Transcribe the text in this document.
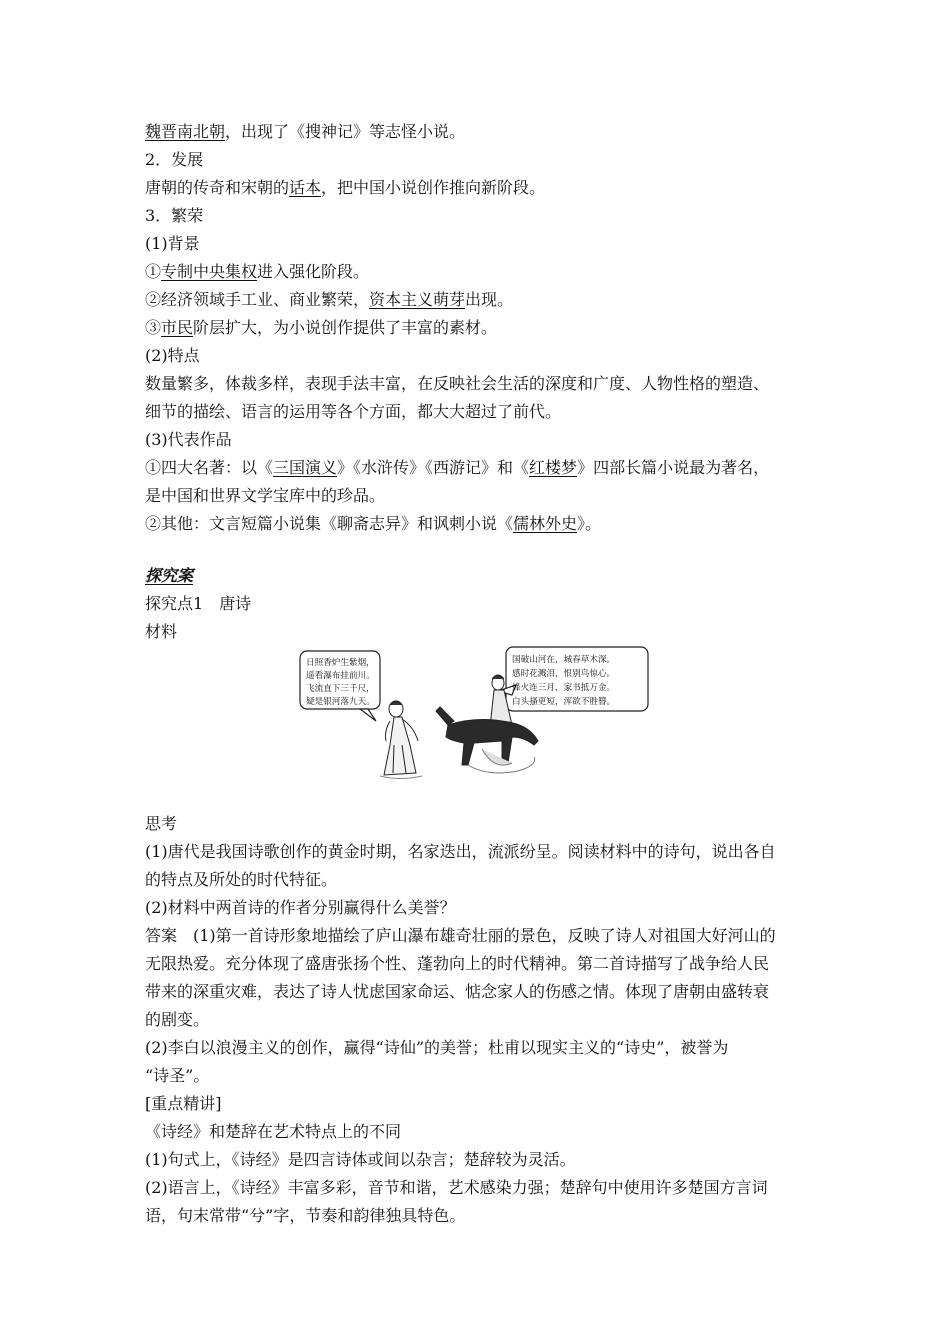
魏晋南北朝，出现了《搜神记》等志怪小说。
2．发展
唐朝的传奇和宋朝的话本，把中国小说创作推向新阶段。
3．繁荣
(1)背景
①专制中央集权进入强化阶段。
②经济领域手工业、商业繁荣，资本主义萌芽出现。
③市民阶层扩大，为小说创作提供了丰富的素材。
(2)特点
数量繁多，体裁多样，表现手法丰富，在反映社会生活的深度和广度、人物性格的塑造、
细节的描绘、语言的运用等各个方面，都大大超过了前代。
(3)代表作品
①四大名著：以《三国演义》《水浒传》《西游记》和《红楼梦》四部长篇小说最为著名，
是中国和世界文学宝库中的珍品。
②其他：文言短篇小说集《聊斋志异》和讽刺小说《儒林外史》。
探究案
探究点1　唐诗
材料
日照香炉生紫烟，
遥看瀑布挂前川。
飞流直下三千尺，
疑是银河落九天。
国破山河在，城春草木深。
感时花溅泪，恨别鸟惊心。
烽火连三月，家书抵万金。
白头搔更短，浑欲不胜簪。
思考
(1)唐代是我国诗歌创作的黄金时期，名家迭出，流派纷呈。阅读材料中的诗句，说出各自
的特点及所处的时代特征。
(2)材料中两首诗的作者分别赢得什么美誉？
答案　(1)第一首诗形象地描绘了庐山瀑布雄奇壮丽的景色，反映了诗人对祖国大好河山的
无限热爱。充分体现了盛唐张扬个性、蓬勃向上的时代精神。第二首诗描写了战争给人民
带来的深重灾难，表达了诗人忧虑国家命运、惦念家人的伤感之情。体现了唐朝由盛转衰
的剧变。
(2)李白以浪漫主义的创作，赢得“诗仙”的美誉；杜甫以现实主义的“诗史”，被誉为
“诗圣”。
[重点精讲]
《诗经》和楚辞在艺术特点上的不同
(1)句式上，《诗经》是四言诗体或间以杂言；楚辞较为灵活。
(2)语言上，《诗经》丰富多彩，音节和谐，艺术感染力强；楚辞句中使用许多楚国方言词
语，句末常带“兮”字，节奏和韵律独具特色。
